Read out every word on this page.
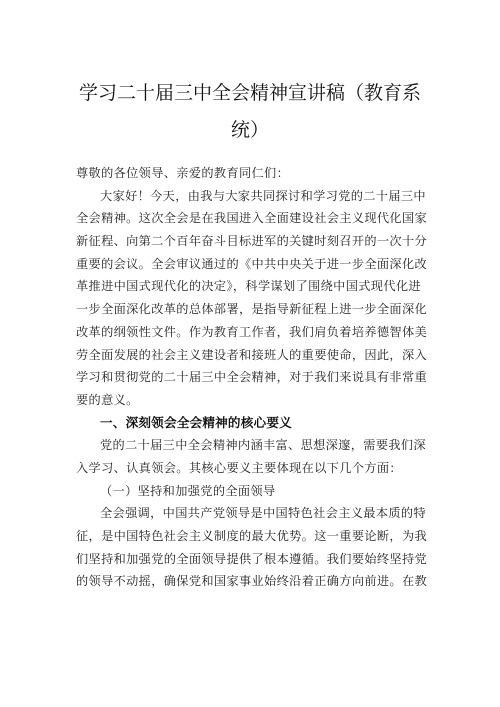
学习二十届三中全会精神宣讲稿（教育系
统）
尊敬的各位领导、亲爱的教育同仁们：
大家好！今天，由我与大家共同探讨和学习党的二十届三中
全会精神。这次全会是在我国进入全面建设社会主义现代化国家
新征程、向第二个百年奋斗目标进军的关键时刻召开的一次十分
重要的会议。全会审议通过的《中共中央关于进一步全面深化改
革推进中国式现代化的决定》，科学谋划了围绕中国式现代化进
一步全面深化改革的总体部署，是指导新征程上进一步全面深化
改革的纲领性文件。作为教育工作者，我们肩负着培养德智体美
劳全面发展的社会主义建设者和接班人的重要使命，因此，深入
学习和贯彻党的二十届三中全会精神，对于我们来说具有非常重
要的意义。
一、深刻领会全会精神的核心要义
党的二十届三中全会精神内涵丰富、思想深邃，需要我们深
入学习、认真领会。其核心要义主要体现在以下几个方面：
（一）坚持和加强党的全面领导
全会强调，中国共产党领导是中国特色社会主义最本质的特
征，是中国特色社会主义制度的最大优势。这一重要论断，为我
们坚持和加强党的全面领导提供了根本遵循。我们要始终坚持党
的领导不动摇，确保党和国家事业始终沿着正确方向前进。在教
